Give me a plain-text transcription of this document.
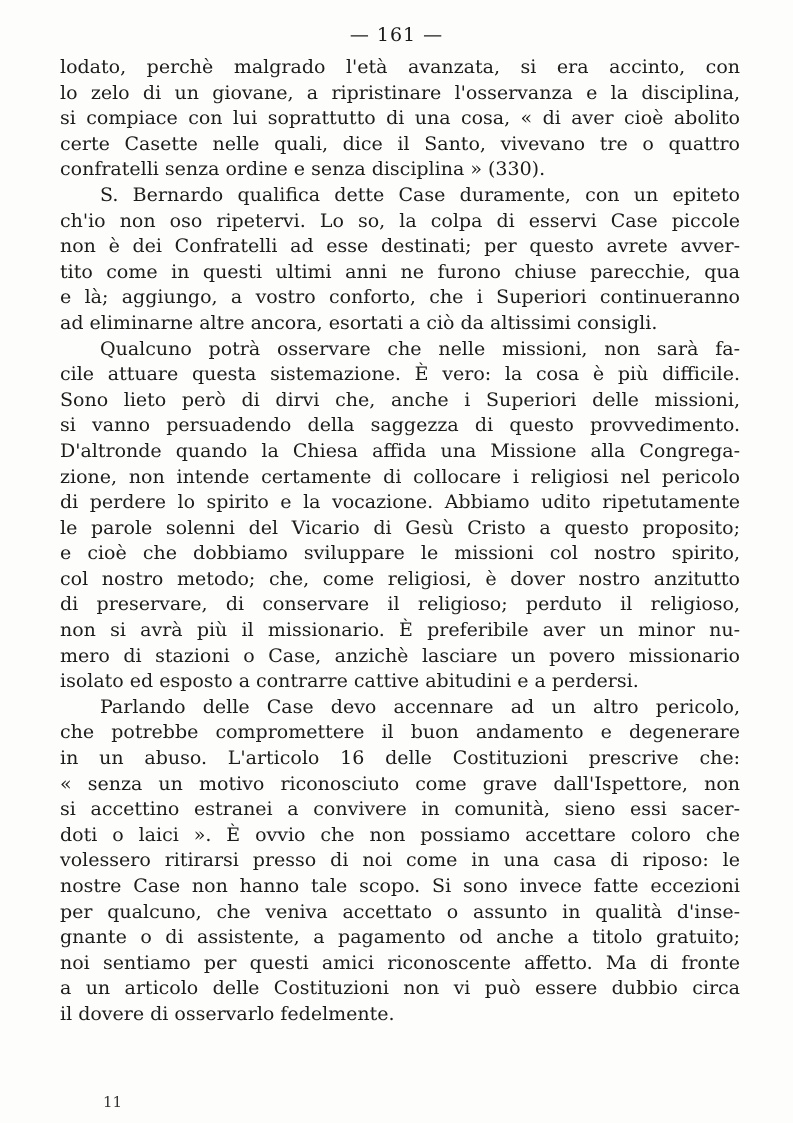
— 161 —
lodato, perchè malgrado l'età avanzata, si era accinto, con
lo zelo di un giovane, a ripristinare l'osservanza e la disciplina,
si compiace con lui soprattutto di una cosa, « di aver cioè abolito
certe Casette nelle quali, dice il Santo, vivevano tre o quattro
confratelli senza ordine e senza disciplina » (330).
S. Bernardo qualifica dette Case duramente, con un epiteto
ch'io non oso ripetervi. Lo so, la colpa di esservi Case piccole
non è dei Confratelli ad esse destinati; per questo avrete avver-
tito come in questi ultimi anni ne furono chiuse parecchie, qua
e là; aggiungo, a vostro conforto, che i Superiori continueranno
ad eliminarne altre ancora, esortati a ciò da altissimi consigli.
Qualcuno potrà osservare che nelle missioni, non sarà fa-
cile attuare questa sistemazione. È vero: la cosa è più difficile.
Sono lieto però di dirvi che, anche i Superiori delle missioni,
si vanno persuadendo della saggezza di questo provvedimento.
D'altronde quando la Chiesa affida una Missione alla Congrega-
zione, non intende certamente di collocare i religiosi nel pericolo
di perdere lo spirito e la vocazione. Abbiamo udito ripetutamente
le parole solenni del Vicario di Gesù Cristo a questo proposito;
e cioè che dobbiamo sviluppare le missioni col nostro spirito,
col nostro metodo; che, come religiosi, è dover nostro anzitutto
di preservare, di conservare il religioso; perduto il religioso,
non si avrà più il missionario. È preferibile aver un minor nu-
mero di stazioni o Case, anzichè lasciare un povero missionario
isolato ed esposto a contrarre cattive abitudini e a perdersi.
Parlando delle Case devo accennare ad un altro pericolo,
che potrebbe compromettere il buon andamento e degenerare
in un abuso. L'articolo 16 delle Costituzioni prescrive che:
« senza un motivo riconosciuto come grave dall'Ispettore, non
si accettino estranei a convivere in comunità, sieno essi sacer-
doti o laici ». È ovvio che non possiamo accettare coloro che
volessero ritirarsi presso di noi come in una casa di riposo: le
nostre Case non hanno tale scopo. Si sono invece fatte eccezioni
per qualcuno, che veniva accettato o assunto in qualità d'inse-
gnante o di assistente, a pagamento od anche a titolo gratuito;
noi sentiamo per questi amici riconoscente affetto. Ma di fronte
a un articolo delle Costituzioni non vi può essere dubbio circa
il dovere di osservarlo fedelmente.
11
